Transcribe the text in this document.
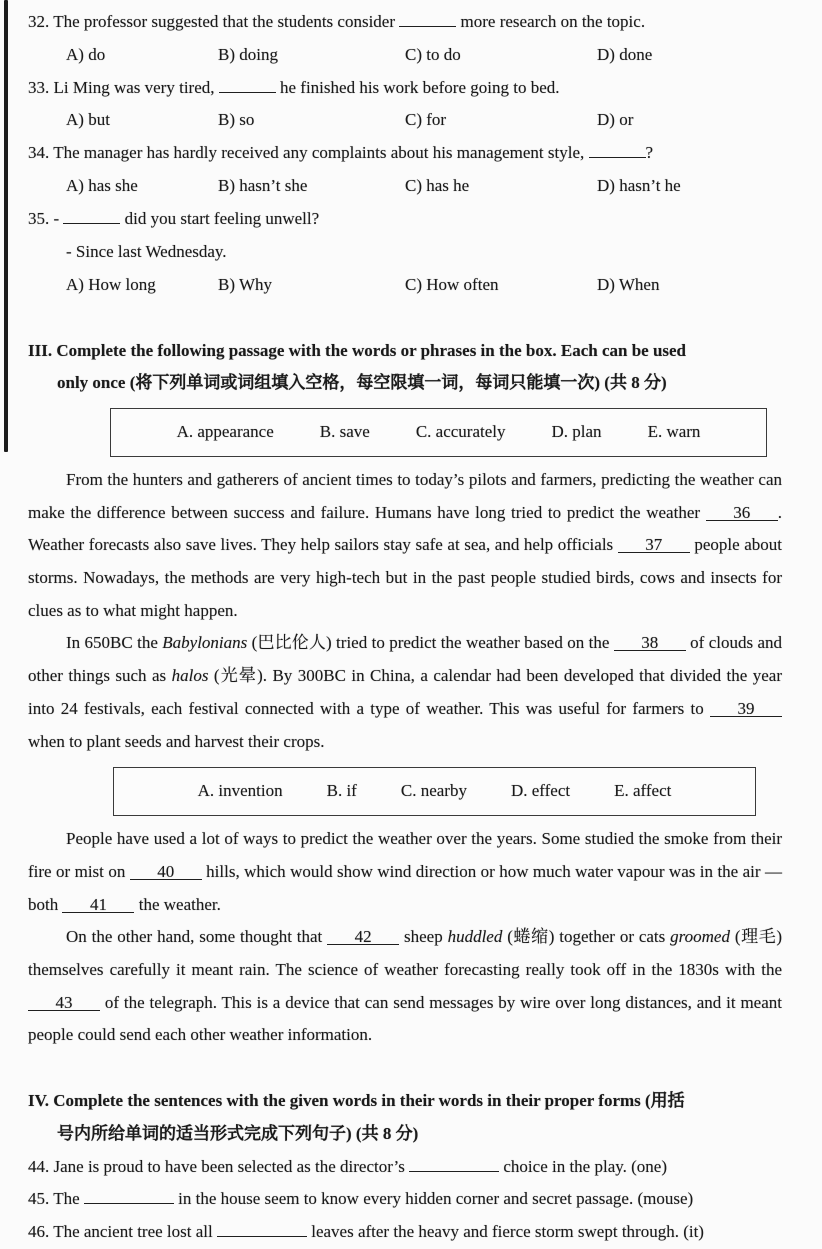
32. The professor suggested that the students consider	more research on the topic.
A) do	B) doing	C) to do	D) done
33. Li Ming was very tired,	he finished his work before going to bed.
A) but	B) so	C) for	D) or
34. The manager has hardly received any complaints about his management style,	?
A) has she	B) hasn’t she	C) has he	D) hasn’t he
35. -	did you start feeling unwell?
- Since last Wednesday.
A) How long	B) Why	C) How often	D) When
III. Complete the following passage with the words or phrases in the box. Each can be used
only once (将下列单词或词组填入空格，每空限填一词，每词只能填一次) (共 8 分)
A. appearance	B. save	C. accurately	D. plan	E. warn

From the hunters and gatherers of ancient times to today’s pilots and farmers, predicting the weather can make the difference between success and failure. Humans have long tried to predict the weather 36 . Weather forecasts also save lives. They help sailors stay safe at sea, and help officials 37 people about storms. Nowadays, the methods are very high-tech but in the past people studied birds, cows and insects for clues as to what might happen.

In 650BC the Babylonians (巴比伦人) tried to predict the weather based on the 38 of clouds and other things such as halos (光晕). By 300BC in China, a calendar had been developed that divided the year into 24 festivals, each festival connected with a type of weather. This was useful for farmers to 39 when to plant seeds and harvest their crops.

A. invention	B. if	C. nearby	D. effect	E. affect

People have used a lot of ways to predict the weather over the years. Some studied the smoke from their fire or mist on 40 hills, which would show wind direction or how much water vapour was in the air — both 41 the weather.

On the other hand, some thought that 42 sheep huddled (蜷缩) together or cats groomed (理毛) themselves carefully it meant rain. The science of weather forecasting really took off in the 1830s with the 43 of the telegraph. This is a device that can send messages by wire over long distances, and it meant people could send each other weather information.

IV. Complete the sentences with the given words in their words in their proper forms (用括
号内所给单词的适当形式完成下列句子) (共 8 分)
44. Jane is proud to have been selected as the director’s	choice in the play. (one)
45. The	in the house seem to know every hidden corner and secret passage. (mouse)
46. The ancient tree lost all	leaves after the heavy and fierce storm swept through. (it)
